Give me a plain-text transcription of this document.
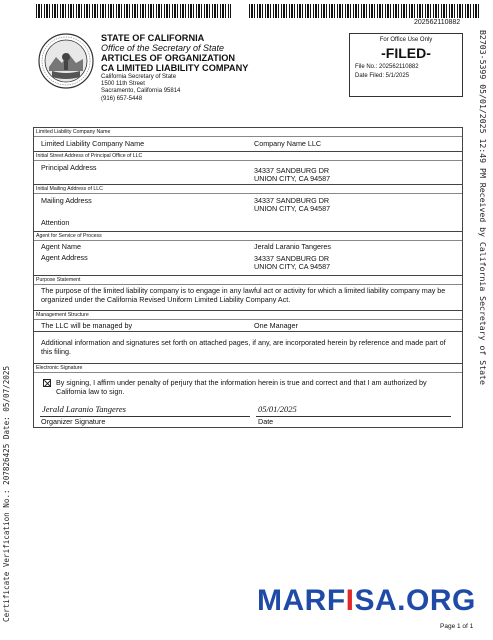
202562110882
B2703-5399 05/01/2025 12:49 PM Received by California Secretary of State
Certificate Verification No.: 207826425 Date: 05/07/2025
STATE OF CALIFORNIA
Office of the Secretary of State
ARTICLES OF ORGANIZATION
CA LIMITED LIABILITY COMPANY
California Secretary of State
1500 11th Street
Sacramento, California 95814
(916) 657-5448
For Office Use Only
-FILED-
File No.: 202562110882
Date Filed: 5/1/2025
Limited Liability Company Name
Limited Liability Company Name	Company Name LLC
Initial Street Address of Principal Office of LLC
Principal Address	34337 SANDBURG DR
UNION CITY, CA 94587
Initial Mailing Address of LLC
Mailing Address	34337 SANDBURG DR
UNION CITY, CA 94587
Attention
Agent for Service of Process
Agent Name	Jerald Laranio Tangeres
Agent Address	34337 SANDBURG DR
UNION CITY, CA 94587
Purpose Statement
The purpose of the limited liability company is to engage in any lawful act or activity for which a limited liability company may be organized under the California Revised Uniform Limited Liability Company Act.
Management Structure
The LLC will be managed by	One Manager
Additional information and signatures set forth on attached pages, if any, are incorporated herein by reference and made part of this filing.
Electronic Signature
By signing, I affirm under penalty of perjury that the information herein is true and correct and that I am authorized by California law to sign.
Jerald Laranio Tangeres	05/01/2025
Organizer Signature	Date
MARFISA.ORG
Page 1 of 1
